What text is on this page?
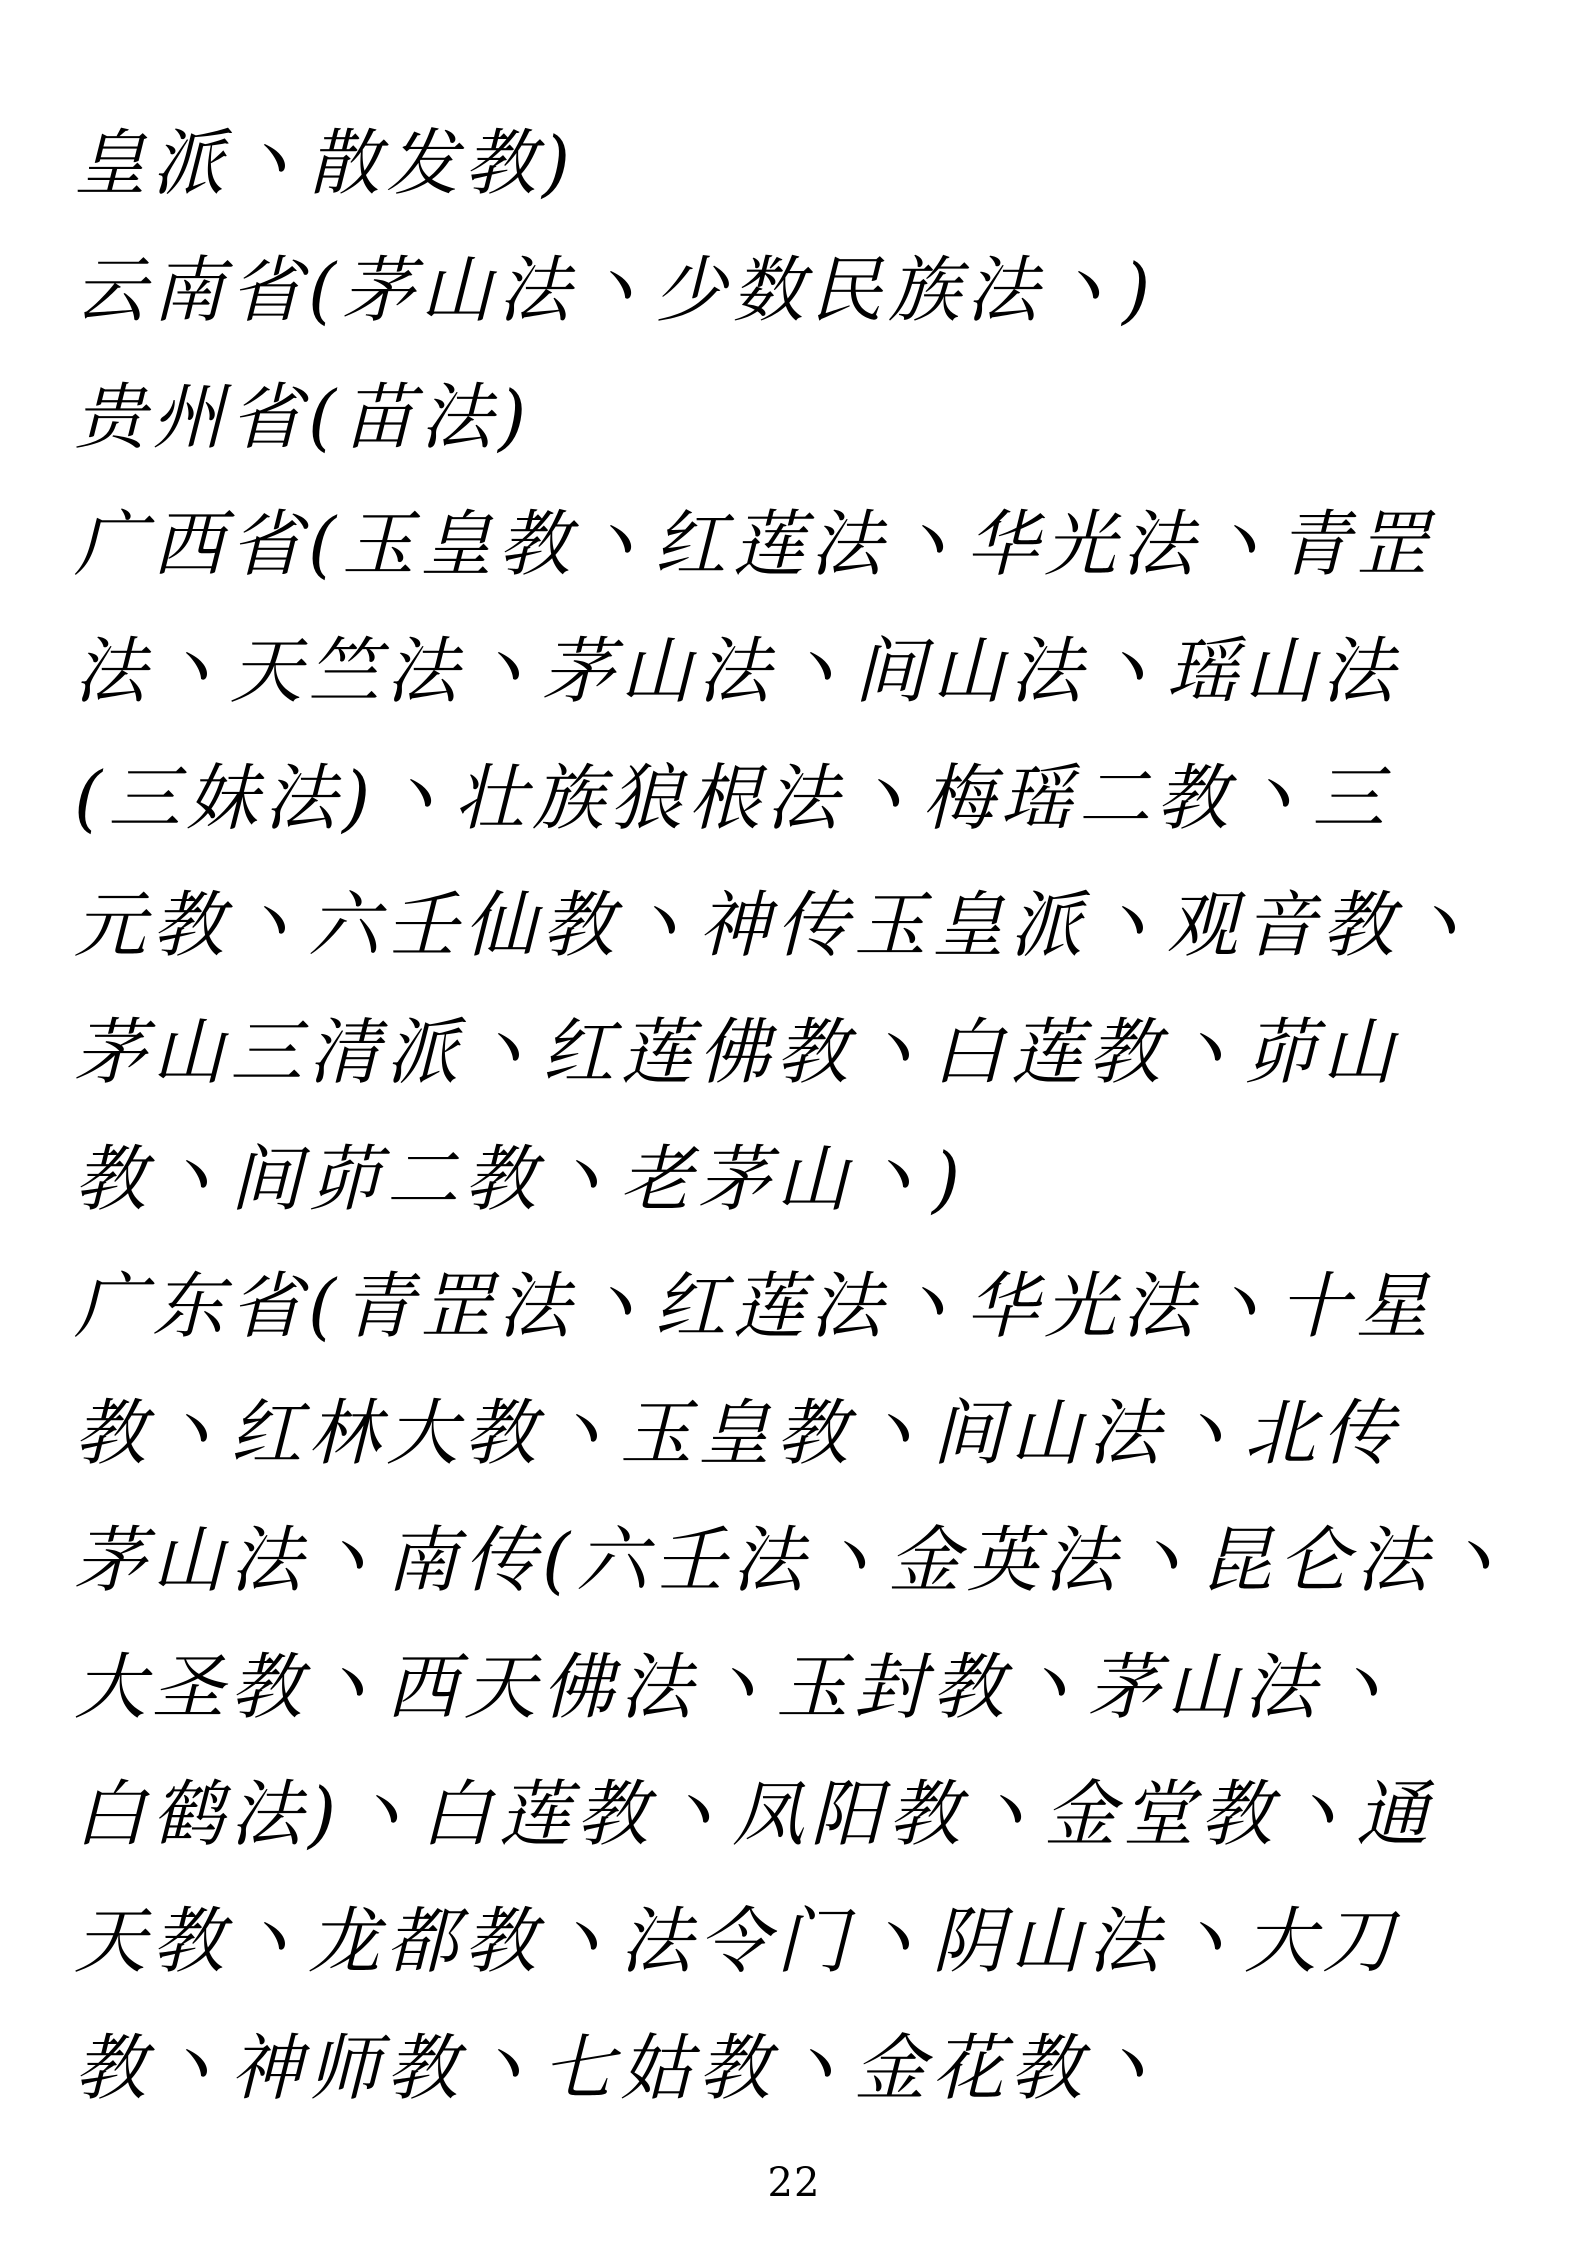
皇派丶散发教)
云南省(茅山法丶少数民族法丶)
贵州省(苗法)
广西省(玉皇教丶红莲法丶华光法丶青罡
法丶天竺法丶茅山法丶间山法丶瑶山法
(三妹法)丶壮族狼根法丶梅瑶二教丶三
元教丶六壬仙教丶神传玉皇派丶观音教丶
茅山三清派丶红莲佛教丶白莲教丶茆山
教丶间茆二教丶老茅山丶)
广东省(青罡法丶红莲法丶华光法丶十星
教丶红林大教丶玉皇教丶间山法丶北传
茅山法丶南传(六壬法丶金英法丶昆仑法丶
大圣教丶西天佛法丶玉封教丶茅山法丶
白鹤法)丶白莲教丶凤阳教丶金堂教丶通
天教丶龙都教丶法令门丶阴山法丶大刀
教丶神师教丶七姑教丶金花教丶
22
